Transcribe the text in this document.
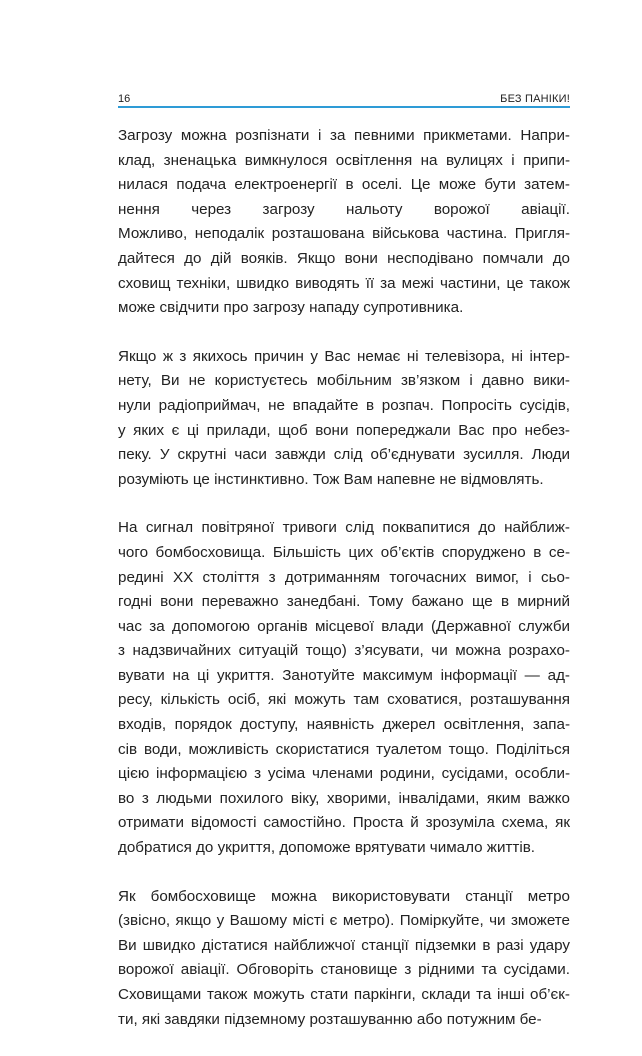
16	БЕЗ ПАНІКИ!
Загрозу можна розпізнати і за певними прикметами. Напри-
клад, зненацька вимкнулося освітлення на вулицях і припи-
нилася подача електроенергії в оселі. Це може бути затем-
нення через загрозу нальоту ворожої авіації.
Можливо, неподалік розташована військова частина. Пригля-
дайтеся до дій вояків. Якщо вони несподівано помчали до
сховищ техніки, швидко виводять її за межі частини, це також
може свідчити про загрозу нападу супротивника.
Якщо ж з якихось причин у Вас немає ні телевізора, ні інтер-
нету, Ви не користуєтесь мобільним зв’язком і давно вики-
нули радіоприймач, не впадайте в розпач. Попросіть сусідів,
у яких є ці прилади, щоб вони попереджали Вас про небез-
пеку. У скрутні часи завжди слід об’єднувати зусилля. Люди
розуміють це інстинктивно. Тож Вам напевне не відмовлять.
На сигнал повітряної тривоги слід поквапитися до найближ-
чого бомбосховища. Більшість цих об’єктів споруджено в се-
редині ХХ століття з дотриманням тогочасних вимог, і сьо-
годні вони переважно занедбані. Тому бажано ще в мирний
час за допомогою органів місцевої влади (Державної служби
з надзвичайних ситуацій тощо) з’ясувати, чи можна розрахо-
вувати на ці укриття. Занотуйте максимум інформації — ад-
ресу, кількість осіб, які можуть там сховатися, розташування
входів, порядок доступу, наявність джерел освітлення, запа-
сів води, можливість скористатися туалетом тощо. Поділіться
цією інформацією з усіма членами родини, сусідами, особли-
во з людьми похилого віку, хворими, інвалідами, яким важко
отримати відомості самостійно. Проста й зрозуміла схема, як
добратися до укриття, допоможе врятувати чимало життів.
Як бомбосховище можна використовувати станції метро
(звісно, якщо у Вашому місті є метро). Поміркуйте, чи зможете
Ви швидко дістатися найближчої станції підземки в разі удару
ворожої авіації. Обговоріть становище з рідними та сусідами.
Сховищами також можуть стати паркінги, склади та інші об’єк-
ти, які завдяки підземному розташуванню або потужним бе-
